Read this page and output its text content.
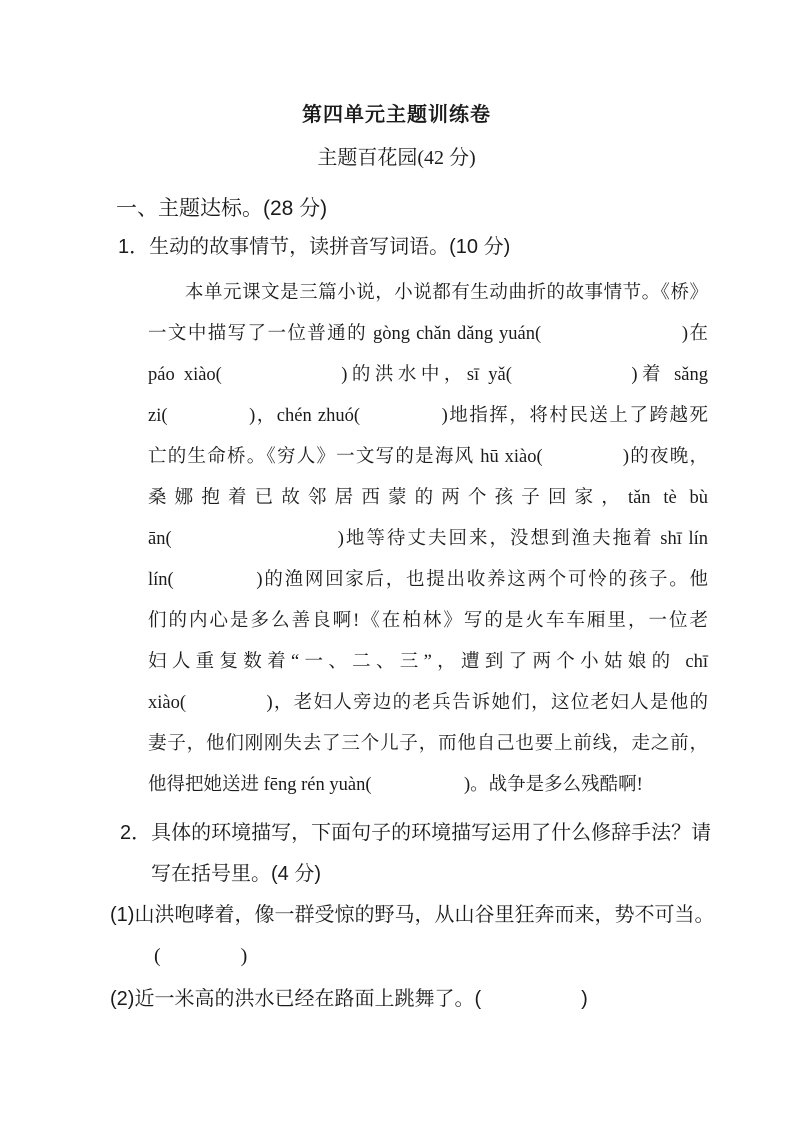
第四单元主题训练卷
主题百花园(42 分)
一、主题达标。(28 分)
1．生动的故事情节，读拼音写词语。(10 分)
本单元课文是三篇小说，小说都有生动曲折的故事情节。《桥》
一文中描写了一位普通的 gòng chǎn dǎng yuán(　　　　　　　)在
páo xiào(　　　　　)的洪水中，sī yǎ(　　　　　)着 sǎng
zi(　　　　)，chén zhuó(　　　　)地指挥，将村民送上了跨越死
亡的生命桥。《穷人》一文写的是海风 hū xiào(　　　　)的夜晚，
桑娜抱着已故邻居西蒙的两个孩子回家，tǎn tè bù
ān(　　　　　　　　)地等待丈夫回来，没想到渔夫拖着 shī lín
lín(　　　　)的渔网回家后，也提出收养这两个可怜的孩子。他
们的内心是多么善良啊!《在柏林》写的是火车车厢里，一位老
妇人重复数着“一、二、三”，遭到了两个小姑娘的 chī
xiào(　　　　)，老妇人旁边的老兵告诉她们，这位老妇人是他的
妻子，他们刚刚失去了三个儿子，而他自己也要上前线，走之前，
他得把她送进 fēng rén yuàn(　　　　　)。战争是多么残酷啊!
2．具体的环境描写，下面句子的环境描写运用了什么修辞手法？请
写在括号里。(4 分)
(1)山洪咆哮着，像一群受惊的野马，从山谷里狂奔而来，势不可当。
(　　　　)
(2)近一米高的洪水已经在路面上跳舞了。(　　　　　)
